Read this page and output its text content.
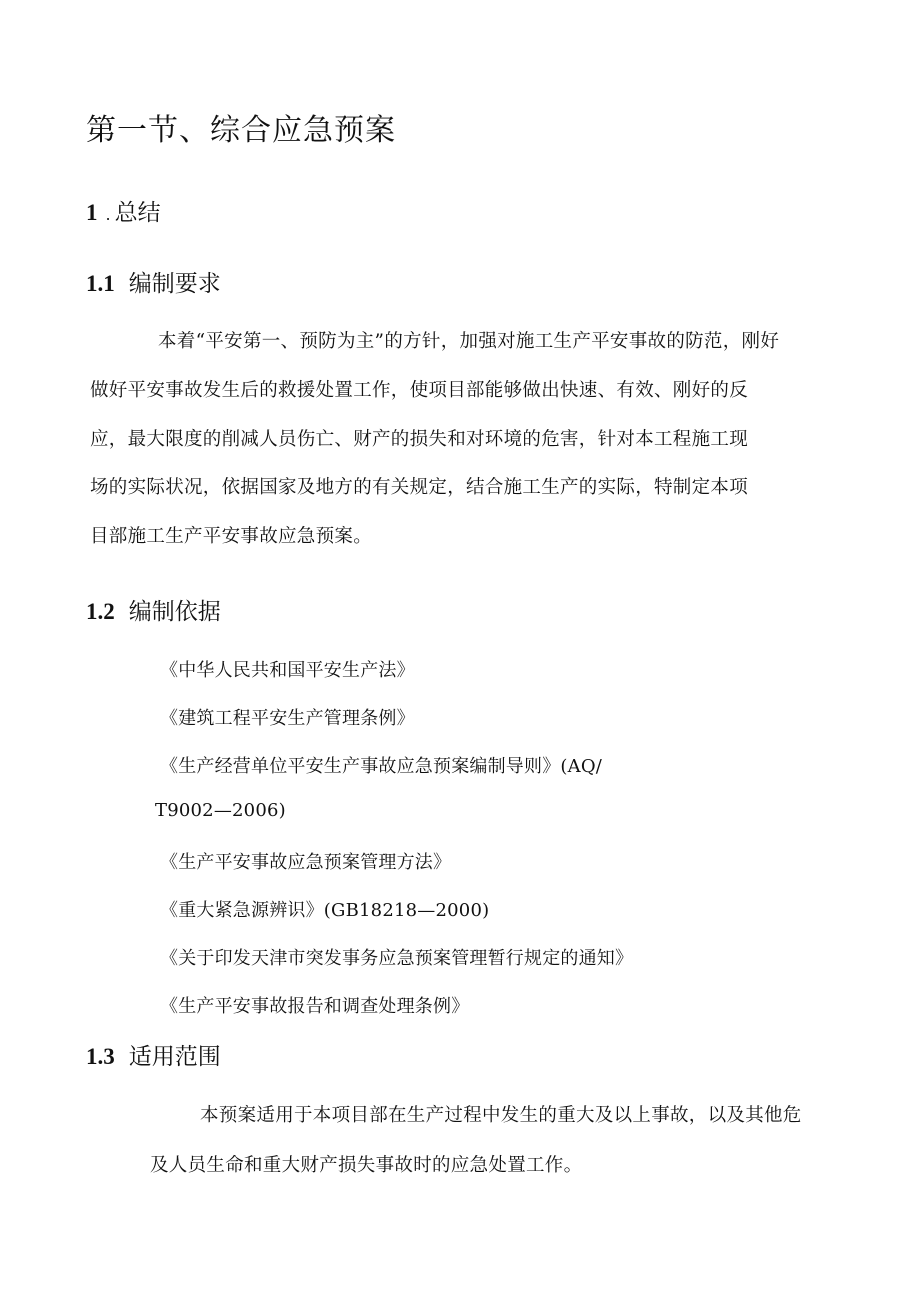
第一节、综合应急预案
1 . 总结
1.1 编制要求
本着“平安第一、预防为主”的方针，加强对施工生产平安事故的防范，刚好
做好平安事故发生后的救援处置工作，使项目部能够做出快速、有效、刚好的反
应，最大限度的削减人员伤亡、财产的损失和对环境的危害，针对本工程施工现
场的实际状况，依据国家及地方的有关规定，结合施工生产的实际，特制定本项
目部施工生产平安事故应急预案。
1.2 编制依据
《中华人民共和国平安生产法》
《建筑工程平安生产管理条例》
《生产经营单位平安生产事故应急预案编制导则》(AQ/
T9002—2006)
《生产平安事故应急预案管理方法》
《重大紧急源辨识》(GB18218—2000)
《关于印发天津市突发事务应急预案管理暂行规定的通知》
《生产平安事故报告和调查处理条例》
1.3 适用范围
本预案适用于本项目部在生产过程中发生的重大及以上事故，以及其他危
及人员生命和重大财产损失事故时的应急处置工作。
